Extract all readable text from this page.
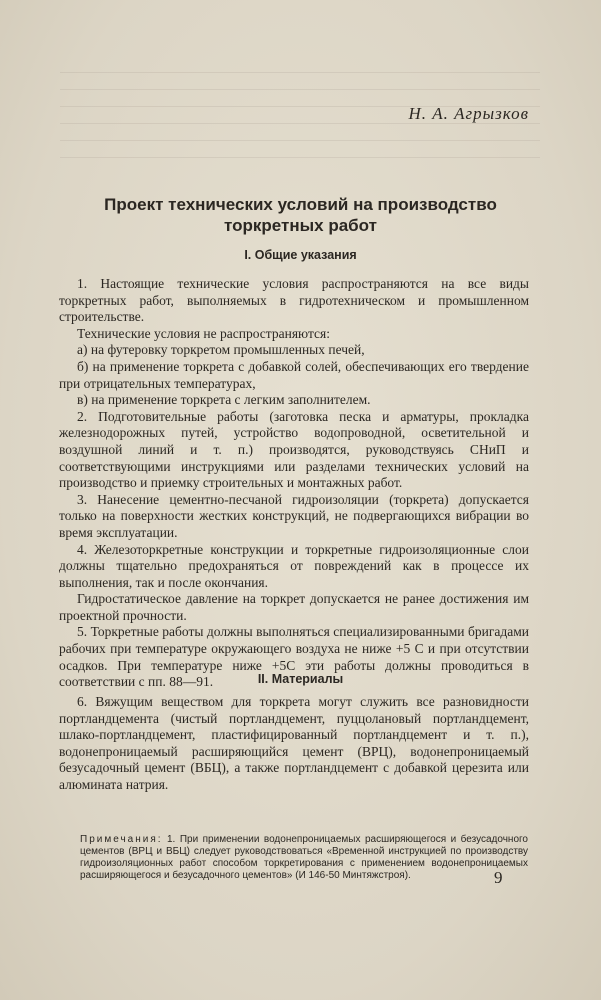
Н. А. Агрызков
Проект технических условий на производство
торкретных работ
I. Общие указания

1. Настоящие технические условия распространяются на все виды торкретных работ, выполняемых в гидротехническом и промышленном строительстве.

Технические условия не распространяются:

а) на футеровку торкретом промышленных печей,

б) на применение торкрета с добавкой солей, обеспечивающих его твердение при отрицательных температурах,

в) на применение торкрета с легким заполнителем.

2. Подготовительные работы (заготовка песка и арматуры, прокладка железнодорожных путей, устройство водопроводной, осветительной и воздушной линий и т. п.) производятся, руководствуясь СНиП и соответствующими инструкциями или разделами технических условий на производство и приемку строительных и монтажных работ.

3. Нанесение цементно-песчаной гидроизоляции (торкрета) допускается только на поверхности жестких конструкций, не подвергающихся вибрации во время эксплуатации.

4. Железоторкретные конструкции и торкретные гидроизоляционные слои должны тщательно предохраняться от повреждений как в процессе их выполнения, так и после окончания.

Гидростатическое давление на торкрет допускается не ранее достижения им проектной прочности.

5. Торкретные работы должны выполняться специализированными бригадами рабочих при температуре окружающего воздуха не ниже +5 С и при отсутствии осадков. При температуре ниже +5С эти работы должны проводиться в соответствии с пп. 88—91.	II. Материалы

6. Вяжущим веществом для торкрета могут служить все разновидности портландцемента (чистый портландцемент, пуццолановый портландцемент, шлако-портландцемент, пластифицированный портландцемент и т. п.), водонепроницаемый расширяющийся цемент (ВРЦ), водонепроницаемый безусадочный цемент (ВБЦ), а также портландцемент с добавкой церезита или алюмината натрия.

Примечания: 1. При применении водонепроницаемых расширяющегося и безусадочного цементов (ВРЦ и ВБЦ) следует руководствоваться «Временной инструкцией по производству гидроизоляционных работ способом торкретирования с применением водонепроницаемых расширяющегося и безусадочного цементов» (И 146-50 Минтяжстроя).	9
